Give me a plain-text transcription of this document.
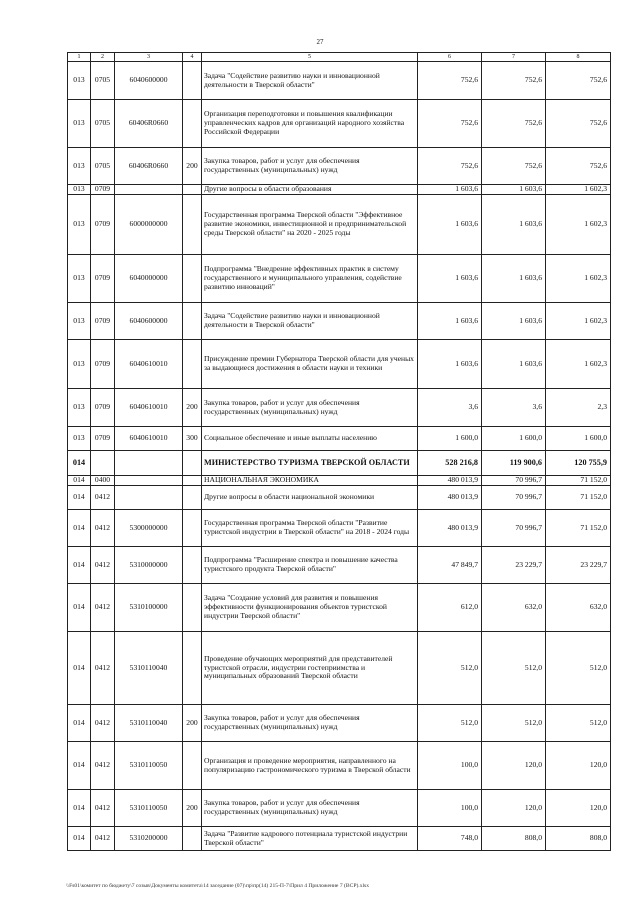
27
1	2	3	4	5	6	7	8
013	0705	6040600000		Задача "Содействие развитию науки и инновационной деятельности в Тверской области"	752,6	752,6	752,6
013	0705	60406R0660		Организация переподготовки и повышения квалификации управленческих кадров для организаций народного хозяйства Российской Федерации	752,6	752,6	752,6
013	0705	60406R0660	200	Закупка товаров, работ и услуг для обеспечения государственных (муниципальных) нужд	752,6	752,6	752,6
013	0709			Другие вопросы в области образования	1 603,6	1 603,6	1 602,3
013	0709	6000000000		Государственная программа Тверской области "Эффективное развитие экономики, инвестиционной и предпринимательской среды Тверской области" на 2020 - 2025 годы	1 603,6	1 603,6	1 602,3
013	0709	6040000000		Подпрограмма "Внедрение эффективных практик в систему государственного и муниципального управления, содействие развитию инноваций"	1 603,6	1 603,6	1 602,3
013	0709	6040600000		Задача "Содействие развитию науки и инновационной деятельности в Тверской области"	1 603,6	1 603,6	1 602,3
013	0709	6040610010		Присуждение премии Губернатора Тверской области для ученых за выдающиеся достижения в области науки и техники	1 603,6	1 603,6	1 602,3
013	0709	6040610010	200	Закупка товаров, работ и услуг для обеспечения государственных (муниципальных) нужд	3,6	3,6	2,3
013	0709	6040610010	300	Социальное обеспечение и иные выплаты населению	1 600,0	1 600,0	1 600,0
014				МИНИСТЕРСТВО ТУРИЗМА ТВЕРСКОЙ ОБЛАСТИ	528 216,8	119 900,6	120 755,9
014	0400			НАЦИОНАЛЬНАЯ ЭКОНОМИКА	480 013,9	70 996,7	71 152,0
014	0412			Другие вопросы в области национальной экономики	480 013,9	70 996,7	71 152,0
014	0412	5300000000		Государственная программа Тверской области "Развитие туристской индустрии в Тверской области" на 2018 - 2024 годы	480 013,9	70 996,7	71 152,0
014	0412	5310000000		Подпрограмма "Расширение спектра и повышение качества туристского продукта Тверской области"	47 849,7	23 229,7	23 229,7
014	0412	5310100000		Задача "Создание условий для развития и повышения эффективности функционирования объектов туристской индустрии Тверской области"	612,0	632,0	632,0
014	0412	5310110040		Проведение обучающих мероприятий для представителей туристской отрасли, индустрии гостеприимства и муниципальных образований Тверской области	512,0	512,0	512,0
014	0412	5310110040	200	Закупка товаров, работ и услуг для обеспечения государственных (муниципальных) нужд	512,0	512,0	512,0
014	0412	5310110050		Организация и проведение мероприятия, направленного на популяризацию гастрономического туризма в Тверской области	100,0	120,0	120,0
014	0412	5310110050	200	Закупка товаров, работ и услуг для обеспечения государственных (муниципальных) нужд	100,0	120,0	120,0
014	0412	5310200000		Задача "Развитие кадрового потенциала туристской индустрии Тверской области"	748,0	808,0	808,0
\\Fs01\комитет по бюджету\7 созыв\Документы комитета\14 заседание (07)\пр\пр(14) 215-П-7\Прил 4 Приложение 7 (ВСР).xlsx
